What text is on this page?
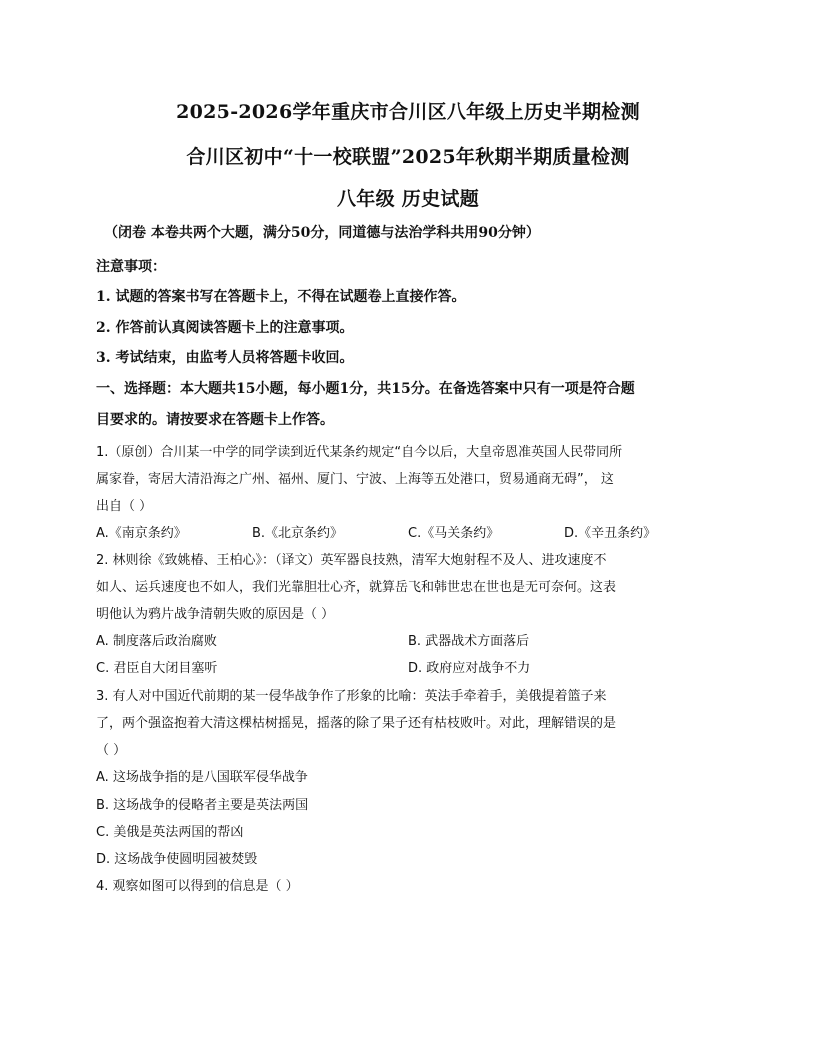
2025-2026学年重庆市合川区八年级上历史半期检测
合川区初中“十一校联盟”2025年秋期半期质量检测
八年级 历史试题
（闭卷 本卷共两个大题，满分50分，同道德与法治学科共用90分钟）
注意事项：
1. 试题的答案书写在答题卡上，不得在试题卷上直接作答。
2. 作答前认真阅读答题卡上的注意事项。
3. 考试结束，由监考人员将答题卡收回。
一、选择题：本大题共15小题，每小题1分，共15分。在备选答案中只有一项是符合题
目要求的。请按要求在答题卡上作答。
1.（原创）合川某一中学的同学读到近代某条约规定“自今以后，大皇帝恩准英国人民带同所
属家眷，寄居大清沿海之广州、福州、厦门、宁波、上海等五处港口，贸易通商无碍”， 这
出自（ ）
A.《南京条约》	B.《北京条约》	C.《马关条约》	D.《辛丑条约》
2. 林则徐《致姚椿、王柏心》：（译文）英军器良技熟，清军大炮射程不及人、进攻速度不
如人、运兵速度也不如人，我们光靠胆壮心齐，就算岳飞和韩世忠在世也是无可奈何。这表
明他认为鸦片战争清朝失败的原因是（ ）
A. 制度落后政治腐败	B. 武器战术方面落后
C. 君臣自大闭目塞听	D. 政府应对战争不力
3. 有人对中国近代前期的某一侵华战争作了形象的比喻：英法手牵着手，美俄提着篮子来
了，两个强盗抱着大清这棵枯树摇晃，摇落的除了果子还有枯枝败叶。对此，理解错误的是
（ ）
A. 这场战争指的是八国联军侵华战争
B. 这场战争的侵略者主要是英法两国
C. 美俄是英法两国的帮凶
D. 这场战争使圆明园被焚毁
4. 观察如图可以得到的信息是（ ）
